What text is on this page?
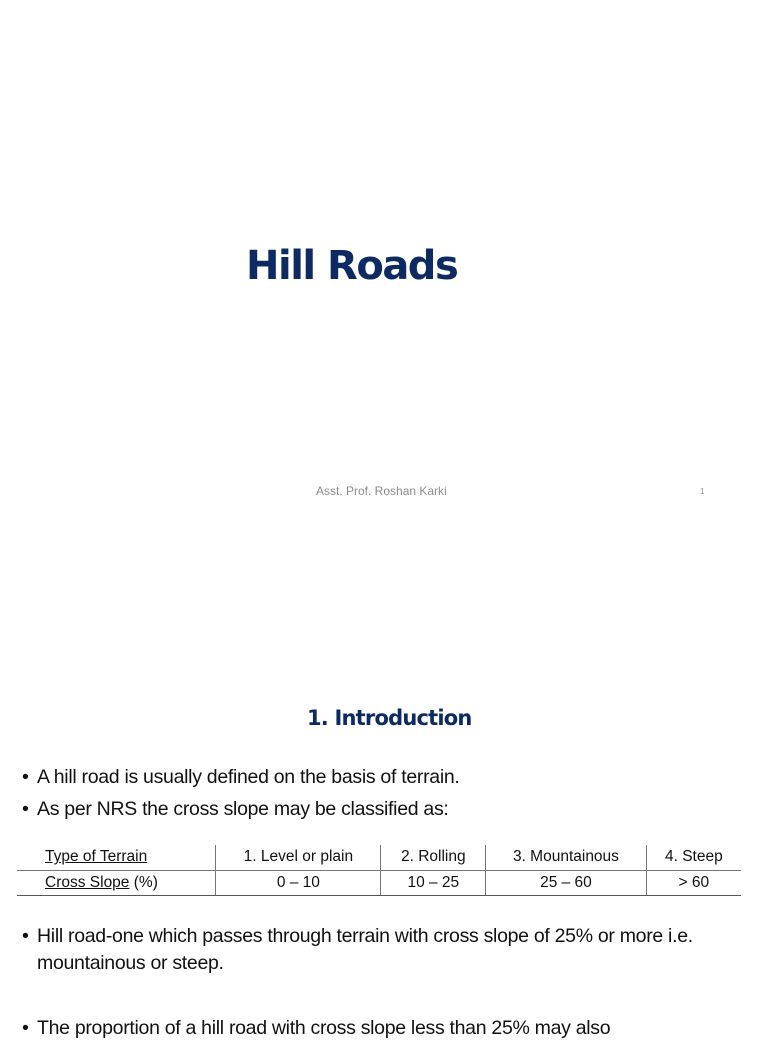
Hill Roads
Asst. Prof. Roshan Karki	1
1. Introduction
• A hill road is usually defined on the basis of terrain.
• As per NRS the cross slope may be classified as:
Type of Terrain	1. Level or plain	2. Rolling	3. Mountainous	4. Steep
Cross Slope (%)	0 – 10	10 – 25	25 – 60	> 60
• Hill road-one which passes through terrain with cross slope of 25% or more i.e. mountainous or steep.
• The proportion of a hill road with cross slope less than 25% may also
